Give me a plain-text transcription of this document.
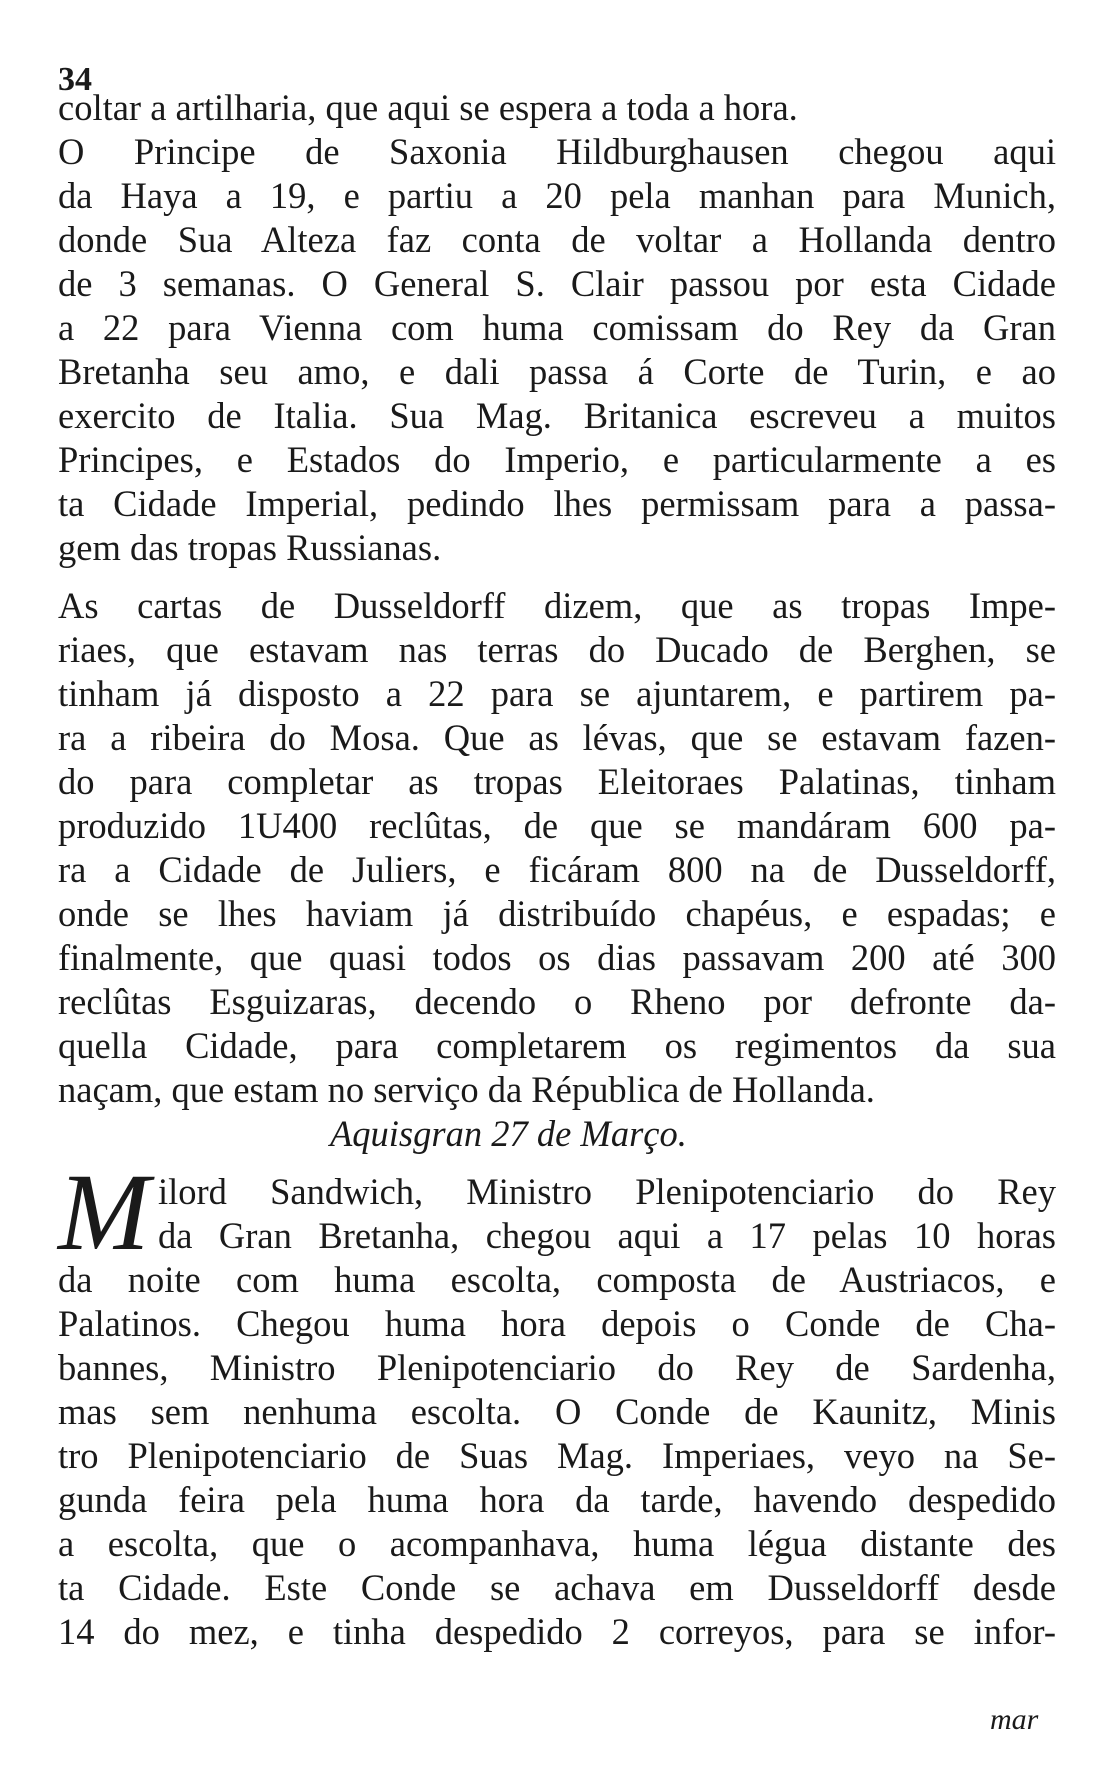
34
coltar a artilharia, que aqui se espera a toda a hora.
O Principe de Saxonia Hildburghausen chegou aqui
da Haya a 19, e partiu a 20 pela manhan para Munich,
donde Sua Alteza faz conta de voltar a Hollanda dentro
de 3 semanas. O General S. Clair passou por esta Cidade
a 22 para Vienna com huma comissam do Rey da Gran
Bretanha seu amo, e dali passa á Corte de Turin, e ao
exercito de Italia. Sua Mag. Britanica escreveu a muitos
Principes, e Estados do Imperio, e particularmente a es
ta Cidade Imperial, pedindo lhes permissam para a passa-
gem das tropas Russianas.
As cartas de Dusseldorff dizem, que as tropas Impe-
riaes, que estavam nas terras do Ducado de Berghen, se
tinham já disposto a 22 para se ajuntarem, e partirem pa-
ra a ribeira do Mosa. Que as lévas, que se estavam fazen-
do para completar as tropas Eleitoraes Palatinas, tinham
produzido 1U400 reclûtas, de que se mandáram 600 pa-
ra a Cidade de Juliers, e ficáram 800 na de Dusseldorff,
onde se lhes haviam já distribuído chapéus, e espadas; e
finalmente, que quasi todos os dias passavam 200 até 300
reclûtas Esguizaras, decendo o Rheno por defronte da-
quella Cidade, para completarem os regimentos da sua
naçam, que estam no serviço da Républica de Hollanda.
Aquisgran 27 de Março.
M ilord Sandwich, Ministro Plenipotenciario do Rey
da Gran Bretanha, chegou aqui a 17 pelas 10 horas
da noite com huma escolta, composta de Austriacos, e
Palatinos. Chegou huma hora depois o Conde de Cha-
bannes, Ministro Plenipotenciario do Rey de Sardenha,
mas sem nenhuma escolta. O Conde de Kaunitz, Minis
tro Plenipotenciario de Suas Mag. Imperiaes, veyo na Se-
gunda feira pela huma hora da tarde, havendo despedido
a escolta, que o acompanhava, huma légua distante des
ta Cidade. Este Conde se achava em Dusseldorff desde
14 do mez, e tinha despedido 2 correyos, para se infor-
mar
